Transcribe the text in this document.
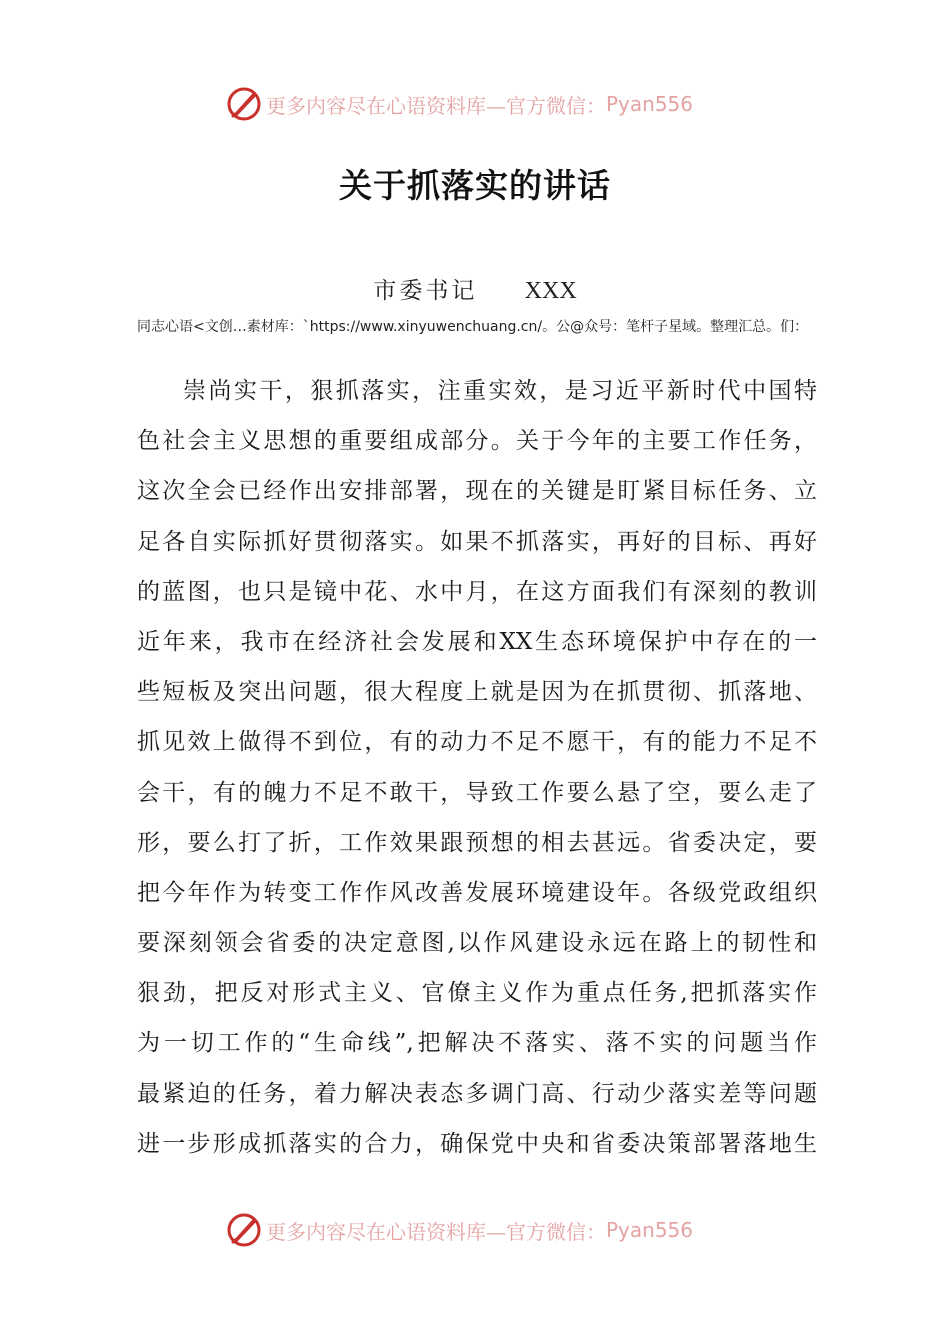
更多内容尽在心语资料库—官方微信： Pyan556
关于抓落实的讲话
市委书记 XXX
同志心语<文创…素材库：`https://www.xinyuwenchuang.cn/。公@众号：笔杆子星域。整理汇总。们：
崇尚实干，狠抓落实，注重实效，是习近平新时代中国特
色社会主义思想的重要组成部分。关于今年的主要工作任务，
这次全会已经作出安排部署，现在的关键是盯紧目标任务、立
足各自实际抓好贯彻落实。如果不抓落实，再好的目标、再好
的蓝图，也只是镜中花、水中月，在这方面我们有深刻的教训
近年来，我市在经济社会发展和XX生态环境保护中存在的一
些短板及突出问题，很大程度上就是因为在抓贯彻、抓落地、
抓见效上做得不到位，有的动力不足不愿干，有的能力不足不
会干，有的魄力不足不敢干，导致工作要么悬了空，要么走了
形，要么打了折，工作效果跟预想的相去甚远。省委决定，要
把今年作为转变工作作风改善发展环境建设年。各级党政组织
要深刻领会省委的决定意图,以作风建设永远在路上的韧性和
狠劲，把反对形式主义、官僚主义作为重点任务,把抓落实作
为一切工作的“生命线”,把解决不落实、落不实的问题当作
最紧迫的任务，着力解决表态多调门高、行动少落实差等问题
进一步形成抓落实的合力，确保党中央和省委决策部署落地生
更多内容尽在心语资料库—官方微信： Pyan556
